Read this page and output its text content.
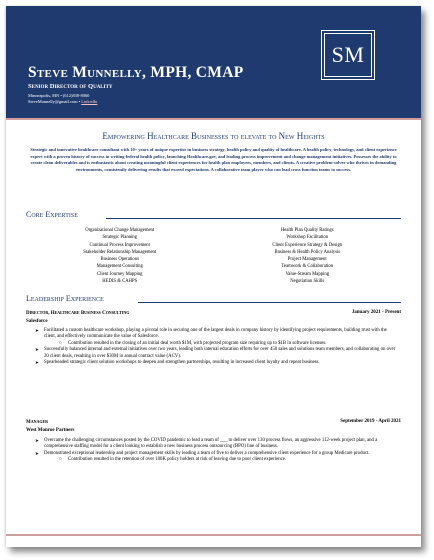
SM
Steve Munnelly, MPH, CMAP
Senior Director of Quality
Minneapolis, MN • (612)838-8060
SteveMunnelly@gmail.com • LinkedIn
Empowering Healthcare Businesses to elevate to New Heights
Strategic and innovative healthcare consultant with 10+ years of unique expertise in business strategy, health policy and quality of healthcare. A health policy, technology, and client experience expert with a proven history of success in writing federal health policy, launching Healthcare.gov, and leading process improvement and change management initiatives. Possesses the ability to create clean deliverables and is enthusiastic about creating meaningful client experiences for health plan employees, members, and clients. A creative problem-solver who thrives in demanding environments, consistently delivering results that exceed expectations. A collaborative team player who can lead cross function teams to success.
Core Expertise
Organizational Change Management
Strategic Planning
Continual Process Improvement
Stakeholder Relationship Management
Business Operations
Management Consulting
Client Journey Mapping
HEDIS & CAHPS
Health Plan Quality Ratings
Workshop Facilitation
Client Experience Strategy & Design
Business & Health Policy Analysis
Project Management
Teamwork & Collaboration
Value-Stream Mapping
Negotiation Skills
Leadership Experience
Director, Healthcare Business Consulting	January 2021 - Present
Salesforce
➤ Facilitated a custom healthcare workshop, playing a pivotal role in securing one of the largest deals in company history by identifying project requirements, building trust with the client, and effectively communicate the value of Salesforce.
○ Contribution resulted in the closing of an initial deal worth $1M, with projected program size requiring up to $1B in software licenses.
➤ Successfully balanced internal and external initiatives over two years, leading both internal education efforts for over 450 sales and solutions team members, and collaborating on over 20 client deals, resulting in over $30M in annual contract value (ACV).
➤ Spearheaded strategic client solution workshops to deepen and strengthen partnerships, resulting in increased client loyalty and repeat business.
Manager	September 2019 - April 2021
West Monroe Partners
➤ Overcame the challenging circumstances posted by the COVID pandemic to lead a team of ___ to deliver over 130 process flows, an aggressive 112-week project plan, and a comprehensive staffing model for a client looking to establish a new business process outsourcing (BPO) line of business.
➤ Demonstrated exceptional leadership and project management skills by leading a team of five to deliver a comprehensive client experience for a group Medicare product.
○ Contribution resulted in the retention of over 100K policy holders at risk of leaving due to poor client experience.
